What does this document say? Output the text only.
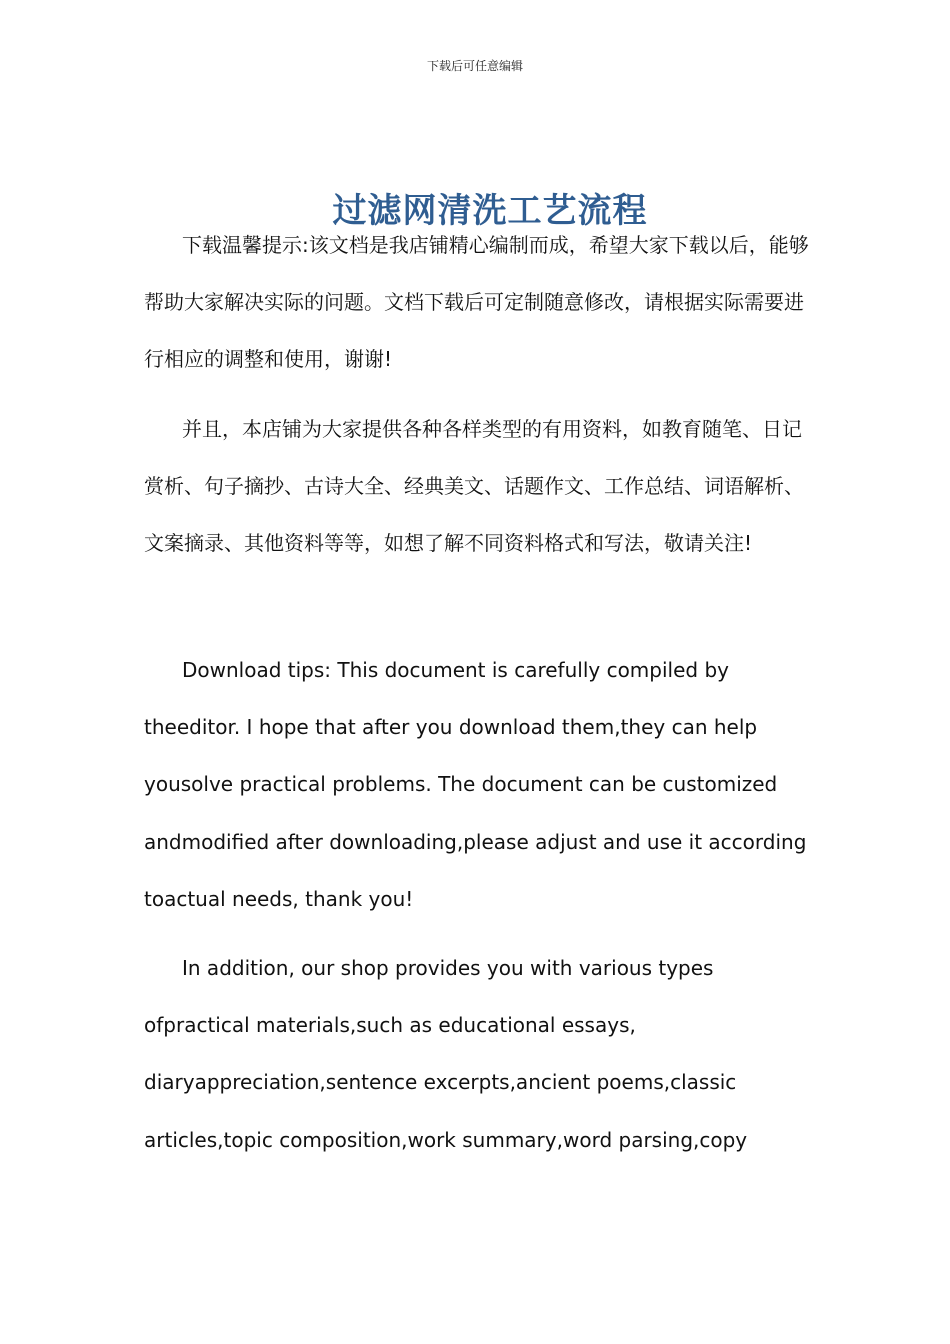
下载后可任意编辑
过滤网清洗工艺流程

下载温馨提示:该文档是我店铺精心编制而成，希望大家下载以后，能够帮助大家解决实际的问题。文档下载后可定制随意修改，请根据实际需要进行相应的调整和使用，谢谢!

并且，本店铺为大家提供各种各样类型的有用资料，如教育随笔、日记赏析、句子摘抄、古诗大全、经典美文、话题作文、工作总结、词语解析、文案摘录、其他资料等等，如想了解不同资料格式和写法，敬请关注!

Download tips: This document is carefully compiled by theeditor. I hope that after you download them,they can help yousolve practical problems. The document can be customized andmodified after downloading,please adjust and use it according toactual needs, thank you!

In addition, our shop provides you with various types ofpractical materials,such as educational essays, diaryappreciation,sentence excerpts,ancient poems,classic articles,topic composition,work summary,word parsing,copy
